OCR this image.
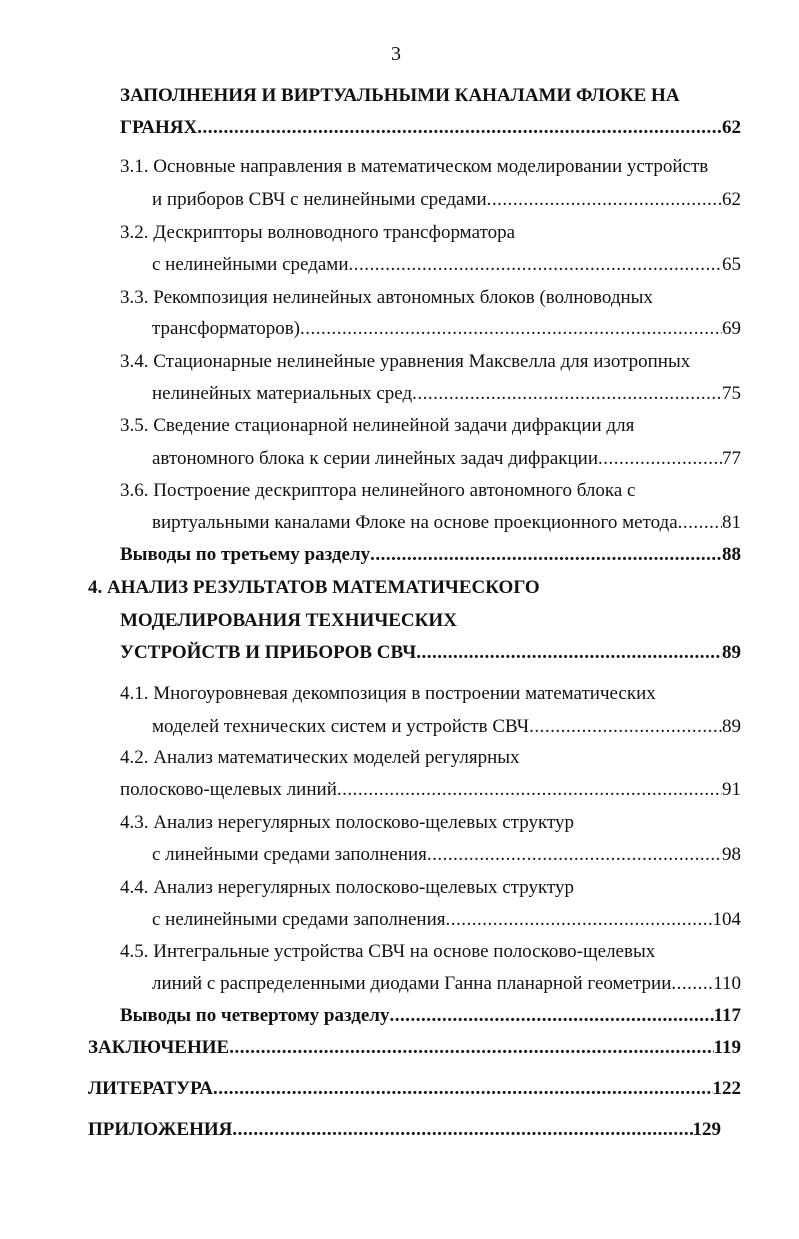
3
ЗАПОЛНЕНИЯ И ВИРТУАЛЬНЫМИ КАНАЛАМИ ФЛОКЕ НА
ГРАНЯХ .....	62
3.1. Основные направления в математическом моделировании устройств
и приборов СВЧ с нелинейными средами .....	62
3.2. Дескрипторы волноводного трансформатора
с нелинейными средами .....	65
3.3. Рекомпозиция нелинейных автономных блоков (волноводных
трансформаторов) .....	69
3.4. Стационарные нелинейные уравнения Максвелла для изотропных
нелинейных материальных сред .....	75
3.5. Сведение стационарной нелинейной задачи дифракции для
автономного блока к серии линейных задач дифракции .....	77
3.6. Построение дескриптора нелинейного автономного блока с
виртуальными каналами Флоке на основе проекционного метода ..... 81
Выводы по третьему разделу .....	88
4. АНАЛИЗ РЕЗУЛЬТАТОВ МАТЕМАТИЧЕСКОГО
МОДЕЛИРОВАНИЯ ТЕХНИЧЕСКИХ
УСТРОЙСТВ И ПРИБОРОВ СВЧ .....	89
4.1. Многоуровневая декомпозиция в построении математических
моделей технических систем и устройств СВЧ .....	89
4.2. Анализ математических моделей регулярных
полосково-щелевых линий .....	91
4.3. Анализ нерегулярных полосково-щелевых структур
с линейными средами заполнения .....	98
4.4. Анализ нерегулярных полосково-щелевых структур
с нелинейными средами заполнения .....	104
4.5. Интегральные устройства СВЧ на основе полосково-щелевых
линий с распределенными диодами Ганна планарной геометрии ..... 110
Выводы по четвертому разделу .....	117
ЗАКЛЮЧЕНИЕ .....	119
ЛИТЕРАТУРА .....	122
ПРИЛОЖЕНИЯ .....	129
